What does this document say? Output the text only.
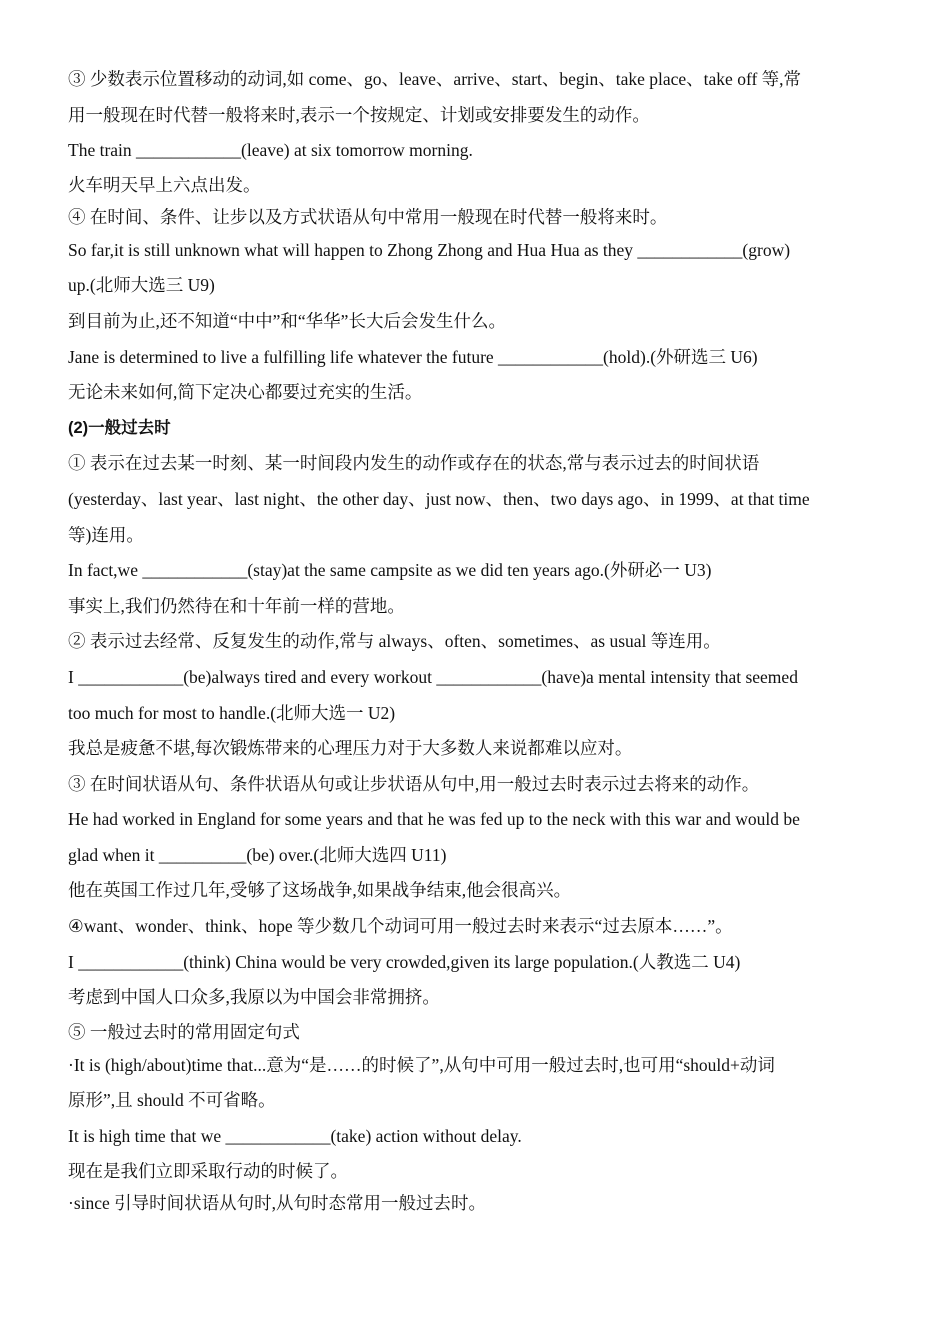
③ 少数表示位置移动的动词,如 come、go、leave、arrive、start、begin、take place、take off 等,常

用一般现在时代替一般将来时,表示一个按规定、计划或安排要发生的动作。

The train ____________(leave) at six tomorrow morning.

火车明天早上六点出发。

④ 在时间、条件、让步以及方式状语从句中常用一般现在时代替一般将来时。

So far,it is still unknown what will happen to Zhong Zhong and Hua Hua as they ____________(grow)

up.(北师大选三 U9)

到目前为止,还不知道“中中”和“华华”长大后会发生什么。

Jane is determined to live a fulfilling life whatever the future ____________(hold).(外研选三 U6)

无论未来如何,简下定决心都要过充实的生活。

(2)一般过去时

① 表示在过去某一时刻、某一时间段内发生的动作或存在的状态,常与表示过去的时间状语

(yesterday、last year、last night、the other day、just now、then、two days ago、in 1999、at that time

等)连用。

In fact,we ____________(stay)at the same campsite as we did ten years ago.(外研必一 U3)

事实上,我们仍然待在和十年前一样的营地。

② 表示过去经常、反复发生的动作,常与 always、often、sometimes、as usual 等连用。

I ____________(be)always tired and every workout ____________(have)a mental intensity that seemed

too much for most to handle.(北师大选一 U2)

我总是疲惫不堪,每次锻炼带来的心理压力对于大多数人来说都难以应对。

③ 在时间状语从句、条件状语从句或让步状语从句中,用一般过去时表示过去将来的动作。

He had worked in England for some years and that he was fed up to the neck with this war and would be

glad when it __________(be) over.(北师大选四 U11)

他在英国工作过几年,受够了这场战争,如果战争结束,他会很高兴。

④want、wonder、think、hope 等少数几个动词可用一般过去时来表示“过去原本……”。

I ____________(think) China would be very crowded,given its large population.(人教选二 U4)

考虑到中国人口众多,我原以为中国会非常拥挤。

⑤ 一般过去时的常用固定句式

·It is (high/about)time that...意为“是……的时候了”,从句中可用一般过去时,也可用“should+动词

原形”,且 should 不可省略。

It is high time that we ____________(take) action without delay.

现在是我们立即采取行动的时候了。

·since 引导时间状语从句时,从句时态常用一般过去时。
